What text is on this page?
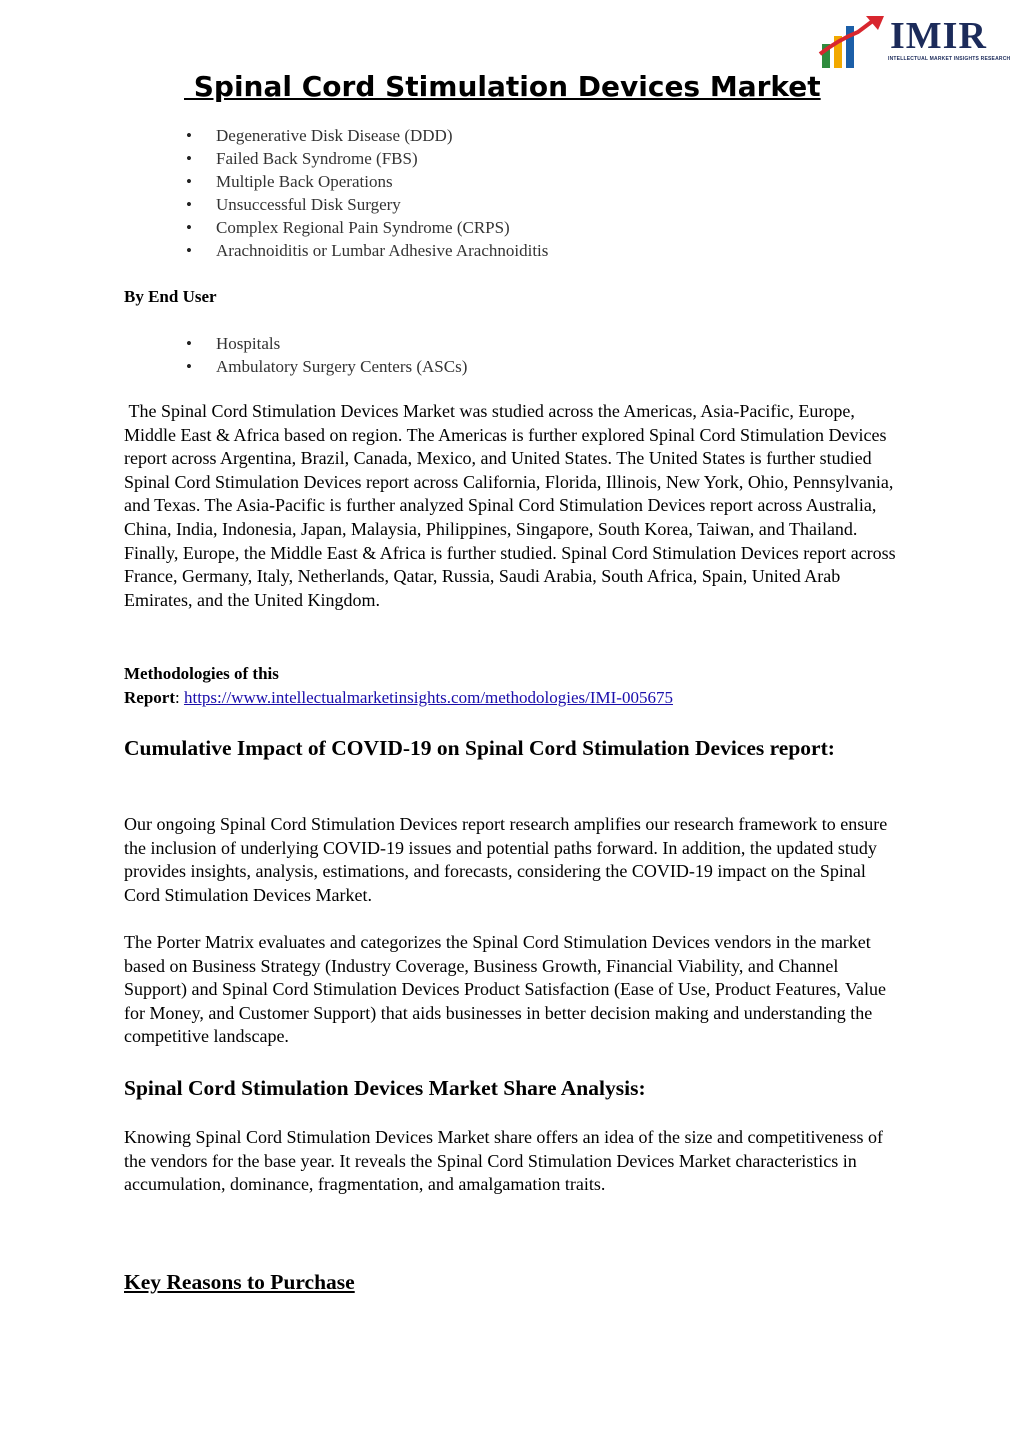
IMIR
INTELLECTUAL MARKET INSIGHTS RESEARCH
Spinal Cord Stimulation Devices Market
• Degenerative Disk Disease (DDD)
• Failed Back Syndrome (FBS)
• Multiple Back Operations
• Unsuccessful Disk Surgery
• Complex Regional Pain Syndrome (CRPS)
• Arachnoiditis or Lumbar Adhesive Arachnoiditis
By End User
• Hospitals
• Ambulatory Surgery Centers (ASCs)

The Spinal Cord Stimulation Devices Market was studied across the Americas, Asia-Pacific, Europe, Middle East & Africa based on region. The Americas is further explored Spinal Cord Stimulation Devices report across Argentina, Brazil, Canada, Mexico, and United States. The United States is further studied Spinal Cord Stimulation Devices report across California, Florida, Illinois, New York, Ohio, Pennsylvania, and Texas. The Asia-Pacific is further analyzed Spinal Cord Stimulation Devices report across Australia, China, India, Indonesia, Japan, Malaysia, Philippines, Singapore, South Korea, Taiwan, and Thailand. Finally, Europe, the Middle East & Africa is further studied. Spinal Cord Stimulation Devices report across France, Germany, Italy, Netherlands, Qatar, Russia, Saudi Arabia, South Africa, Spain, United Arab Emirates, and the United Kingdom.

Methodologies of this
Report: https://www.intellectualmarketinsights.com/methodologies/IMI-005675
Cumulative Impact of COVID-19 on Spinal Cord Stimulation Devices report:

Our ongoing Spinal Cord Stimulation Devices report research amplifies our research framework to ensure the inclusion of underlying COVID-19 issues and potential paths forward. In addition, the updated study provides insights, analysis, estimations, and forecasts, considering the COVID-19 impact on the Spinal Cord Stimulation Devices Market.

The Porter Matrix evaluates and categorizes the Spinal Cord Stimulation Devices vendors in the market based on Business Strategy (Industry Coverage, Business Growth, Financial Viability, and Channel Support) and Spinal Cord Stimulation Devices Product Satisfaction (Ease of Use, Product Features, Value for Money, and Customer Support) that aids businesses in better decision making and understanding the competitive landscape.

Spinal Cord Stimulation Devices Market Share Analysis:

Knowing Spinal Cord Stimulation Devices Market share offers an idea of the size and competitiveness of the vendors for the base year. It reveals the Spinal Cord Stimulation Devices Market characteristics in accumulation, dominance, fragmentation, and amalgamation traits.

Key Reasons to Purchase
